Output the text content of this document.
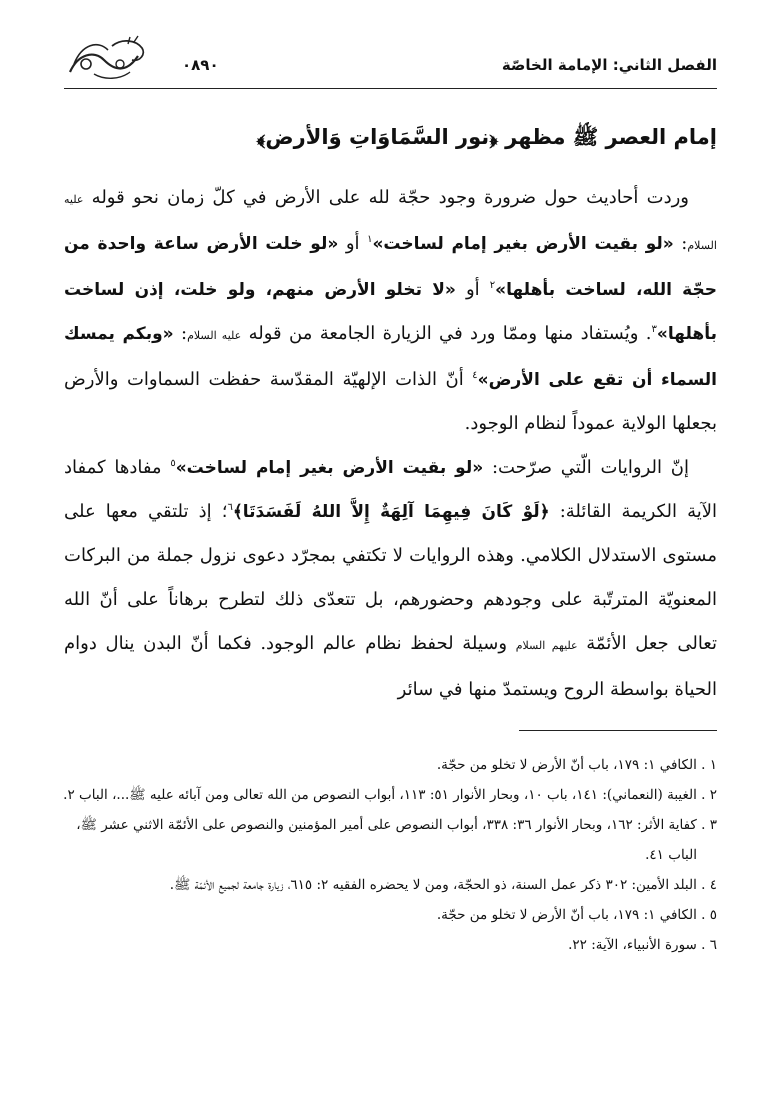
الفصل الثاني: الإمامة الخاصّة
۰۸۹۰
إمام العصر ﷺ مظهر ﴿نور السَّمَاوَاتِ وَالأرض﴾

وردت أحاديث حول ضرورة وجود حجّة لله على الأرض في كلّ زمان نحو قوله عليه السلام: «لو بقيت الأرض بغير إمام لساخت»$^١$ أو «لو خلت الأرض ساعة واحدة من حجّة الله، لساخت بأهلها»$^٢$ أو «لا تخلو الأرض منهم، ولو خلت، إذن لساخت بأهلها»$^٣$. ويُستفاد منها وممّا ورد في الزيارة الجامعة من قوله عليه السلام: «وبكم يمسك السماء أن تقع على الأرض»$^٤$ أنّ الذات الإلهيّة المقدّسة حفظت السماوات والأرض بجعلها الولاية عموداً لنظام الوجود.

إنّ الروايات الّتي صرّحت: «لو بقيت الأرض بغير إمام لساخت»$^٥$ مفادها كمفاد الآية الكريمة القائلة: ﴿لَوْ كَانَ فِيهِمَا آلِهَةٌ إِلاَّ اللهُ لَفَسَدَتَا﴾$^٦$؛ إذ تلتقي معها على مستوى الاستدلال الكلامي. وهذه الروايات لا تكتفي بمجرّد دعوى نزول جملة من البركات المعنويّة المترتّبة على وجودهم وحضورهم، بل تتعدّى ذلك لتطرح برهاناً على أنّ الله تعالى جعل الأئمّة عليهم السلام وسيلة لحفظ نظام عالم الوجود. فكما أنّ البدن ينال دوام الحياة بواسطة الروح ويستمدّ منها في سائر

١ . الكافي ١: ١٧٩، باب أنّ الأرض لا تخلو من حجّة.

٢ . الغيبة (النعماني): ١٤١، باب ١٠، وبحار الأنوار ٥١: ١١٣، أبواب النصوص من الله تعالى ومن آبائه عليه ﷺ...، الباب ٢.

٣ . كفاية الأثر: ١٦٢، وبحار الأنوار ٣٦: ٣٣٨، أبواب النصوص على أمير المؤمنين والنصوص على الأئمّة الاثني عشر ﷺ، الباب ٤١.

٤ . البلد الأمين: ٣٠٢ ذكر عمل السنة، ذو الحجّة، ومن لا يحضره الفقيه ٢: ٦١٥، زيارة جامعة لجميع الأئمّة ﷺ.

٥ . الكافي ١: ١٧٩، باب أنّ الأرض لا تخلو من حجّة.

٦ . سورة الأنبياء، الآية: ٢٢.
